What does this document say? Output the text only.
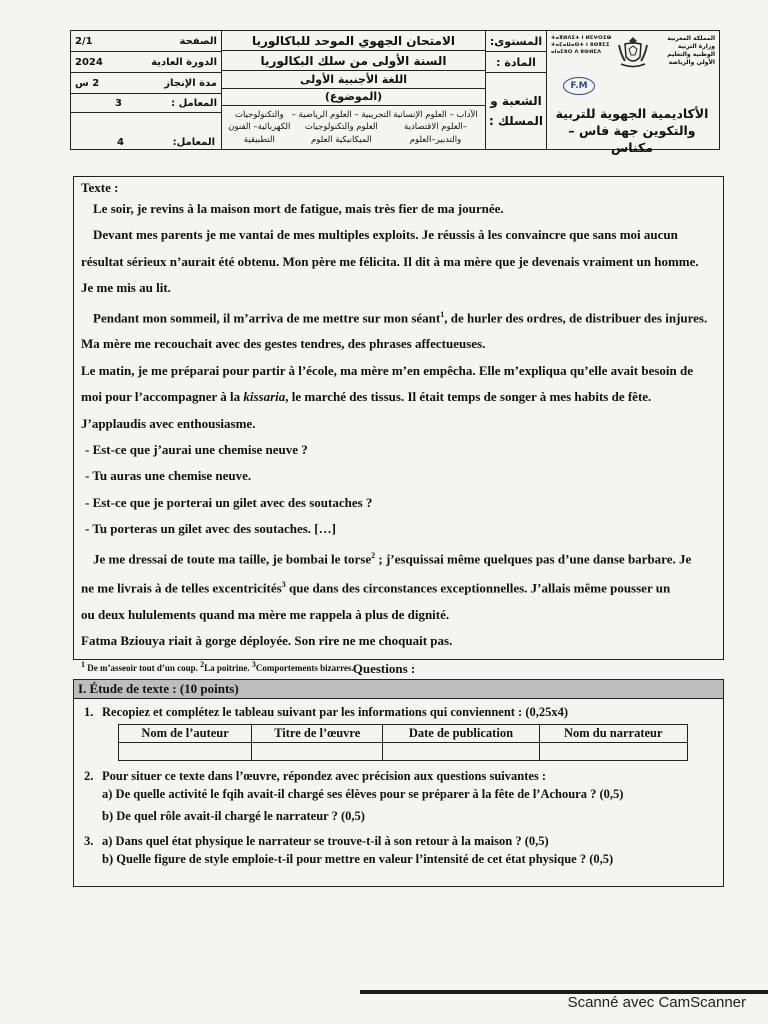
2/1	الصفحة
2024	الدورة العادية
2 س	مدة الإنجاز
3	المعامل :
4	المعامل:
الامتحان الجهوي الموحد للباكالوريا
السنة الأولى من سلك البكالوريا
اللغة الأجنبية الأولى
(الموضوع)
الآداب – العلوم الإنسانية –العلوم الاقتصادية والتدبير–العلوم
التجريبية – العلوم الرياضية – العلوم والتكنولوجيات الميكانيكية العلوم
والتكنولوجيات الكهربائية– الفنون التطبيقية
المستوى:
المادة :
الشعبة و
المسلك :
ⵜⴰⴳⵍⴷⵉⵜ ⵏ ⵍⵎⵖⵔⵉⴱ
ⵜⴰⵎⴰⵡⴰⵙⵜ ⵏ ⵓⵙⴳⵎⵉ
ⴰⵏⴰⵎⵓⵔ ⴷ ⵓⵙⵍⵎⴷ
المملكة المغربية
وزارة التربية
الوطنية والتعليم
الأولي والرياضة
F.M
الأكاديمية الجهوية للتربية والتكوين جهة فاس – مكناس

Texte :

Le soir, je revins à la maison mort de fatigue, mais très fier de ma journée.

Devant mes parents je me vantai de mes multiples exploits. Je réussis à les convaincre que sans moi aucun

résultat sérieux n’aurait été obtenu. Mon père me félicita. Il dit à ma mère que je devenais vraiment un homme.

Je me mis au lit.

Pendant mon sommeil, il m’arriva de me mettre sur mon séant$^1$, de hurler des ordres, de distribuer des injures.

Ma mère me recouchait avec des gestes tendres, des phrases affectueuses.

Le matin, je me préparai pour partir à l’école, ma mère m’en empêcha. Elle m’expliqua qu’elle avait besoin de

moi pour l’accompagner à la kissaria, le marché des tissus. Il était temps de songer à mes habits de fête.

J’applaudis avec enthousiasme.

- Est-ce que j’aurai une chemise neuve ?

- Tu auras une chemise neuve.

- Est-ce que je porterai un gilet avec des soutaches ?

- Tu porteras un gilet avec des soutaches. […]

Je me dressai de toute ma taille, je bombai le torse$^2$ ; j’esquissai même quelques pas d’une danse barbare. Je

ne me livrais à de telles excentricités$^3$ que dans des circonstances exceptionnelles. J’allais même pousser un

ou deux hululements quand ma mère me rappela à plus de dignité.

Fatma Bziouya riait à gorge déployée. Son rire ne me choquait pas.

$^1$ De m’asseoir tout d’un coup. $^2$La poitrine. $^3$Comportements bizarres. Questions :
I. Étude de texte : (10 points)
1. Recopiez et complétez le tableau suivant par les informations qui conviennent : (0,25x4)
Nom de l’auteur	Titre de l’œuvre	Date de publication	Nom du narrateur

2. Pour situer ce texte dans l’œuvre, répondez avec précision aux questions suivantes :
a) De quelle activité le fqih avait-il chargé ses élèves pour se préparer à la fête de l’Achoura ? (0,5)
b) De quel rôle avait-il chargé le narrateur ? (0,5)
3. a) Dans quel état physique le narrateur se trouve-t-il à son retour à la maison ? (0,5)
b) Quelle figure de style emploie-t-il pour mettre en valeur l’intensité de cet état physique ? (0,5)
Scanné avec CamScanner
